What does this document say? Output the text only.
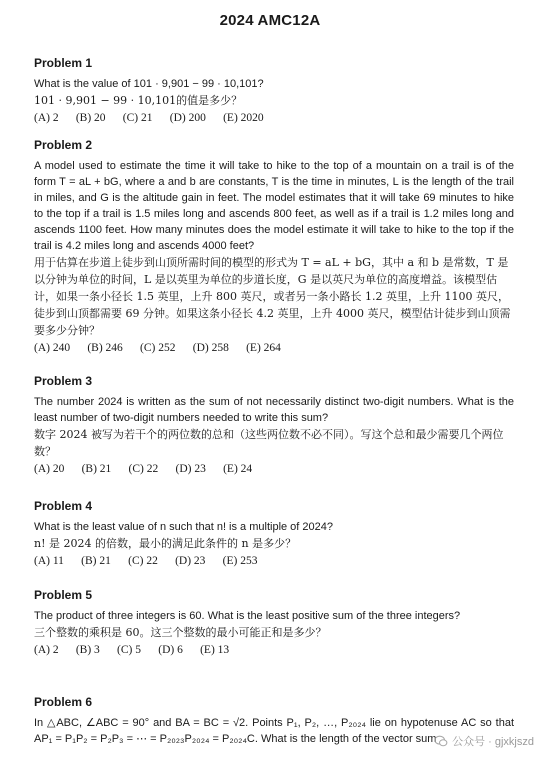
2024 AMC12A
Problem 1
What is the value of 101 · 9,901 − 99 · 10,101?
101 · 9,901 − 99 · 10,101的值是多少？
(A) 2      (B) 20      (C) 21      (D) 200      (E) 2020
Problem 2
A model used to estimate the time it will take to hike to the top of a mountain on a trail is of the form T = aL + bG, where a and b are constants, T is the time in minutes, L is the length of the trail in miles, and G is the altitude gain in feet. The model estimates that it will take 69 minutes to hike to the top if a trail is 1.5 miles long and ascends 800 feet, as well as if a trail is 1.2 miles long and ascends 1100 feet. How many minutes does the model estimate it will take to hike to the top if the trail is 4.2 miles long and ascends 4000 feet?
用于估算在步道上徒步到山顶所需时间的模型的形式为 T = aL + bG，其中 a 和 b 是常数，T 是以分钟为单位的时间，L 是以英里为单位的步道长度，G 是以英尺为单位的高度增益。该模型估计，如果一条小径长 1.5 英里，上升 800 英尺，或者另一条小路长 1.2 英里，上升 1100 英尺，徒步到山顶都需要 69 分钟。如果这条小径长 4.2 英里，上升 4000 英尺，模型估计徒步到山顶需要多少分钟？
(A) 240      (B) 246      (C) 252      (D) 258      (E) 264
Problem 3
The number 2024 is written as the sum of not necessarily distinct two-digit numbers. What is the least number of two-digit numbers needed to write this sum?
数字 2024 被写为若干个的两位数的总和（这些两位数不必不同）。写这个总和最少需要几个两位数？
(A) 20      (B) 21      (C) 22      (D) 23      (E) 24
Problem 4
What is the least value of n such that n! is a multiple of 2024?
n! 是 2024 的倍数，最小的满足此条件的 n 是多少？
(A) 11      (B) 21      (C) 22      (D) 23      (E) 253
Problem 5
The product of three integers is 60. What is the least positive sum of the three integers?
三个整数的乘积是 60。这三个整数的最小可能正和是多少？
(A) 2      (B) 3      (C) 5      (D) 6      (E) 13
Problem 6
In △ABC, ∠ABC = 90° and BA = BC = √2. Points P₁, P₂, …, P₂₀₂₄ lie on hypotenuse AC so that AP₁ = P₁P₂ = P₂P₃ = ⋯ = P₂₀₂₃P₂₀₂₄ = P₂₀₂₄C. What is the length of the vector sum	公众号 · gjxkjszd
